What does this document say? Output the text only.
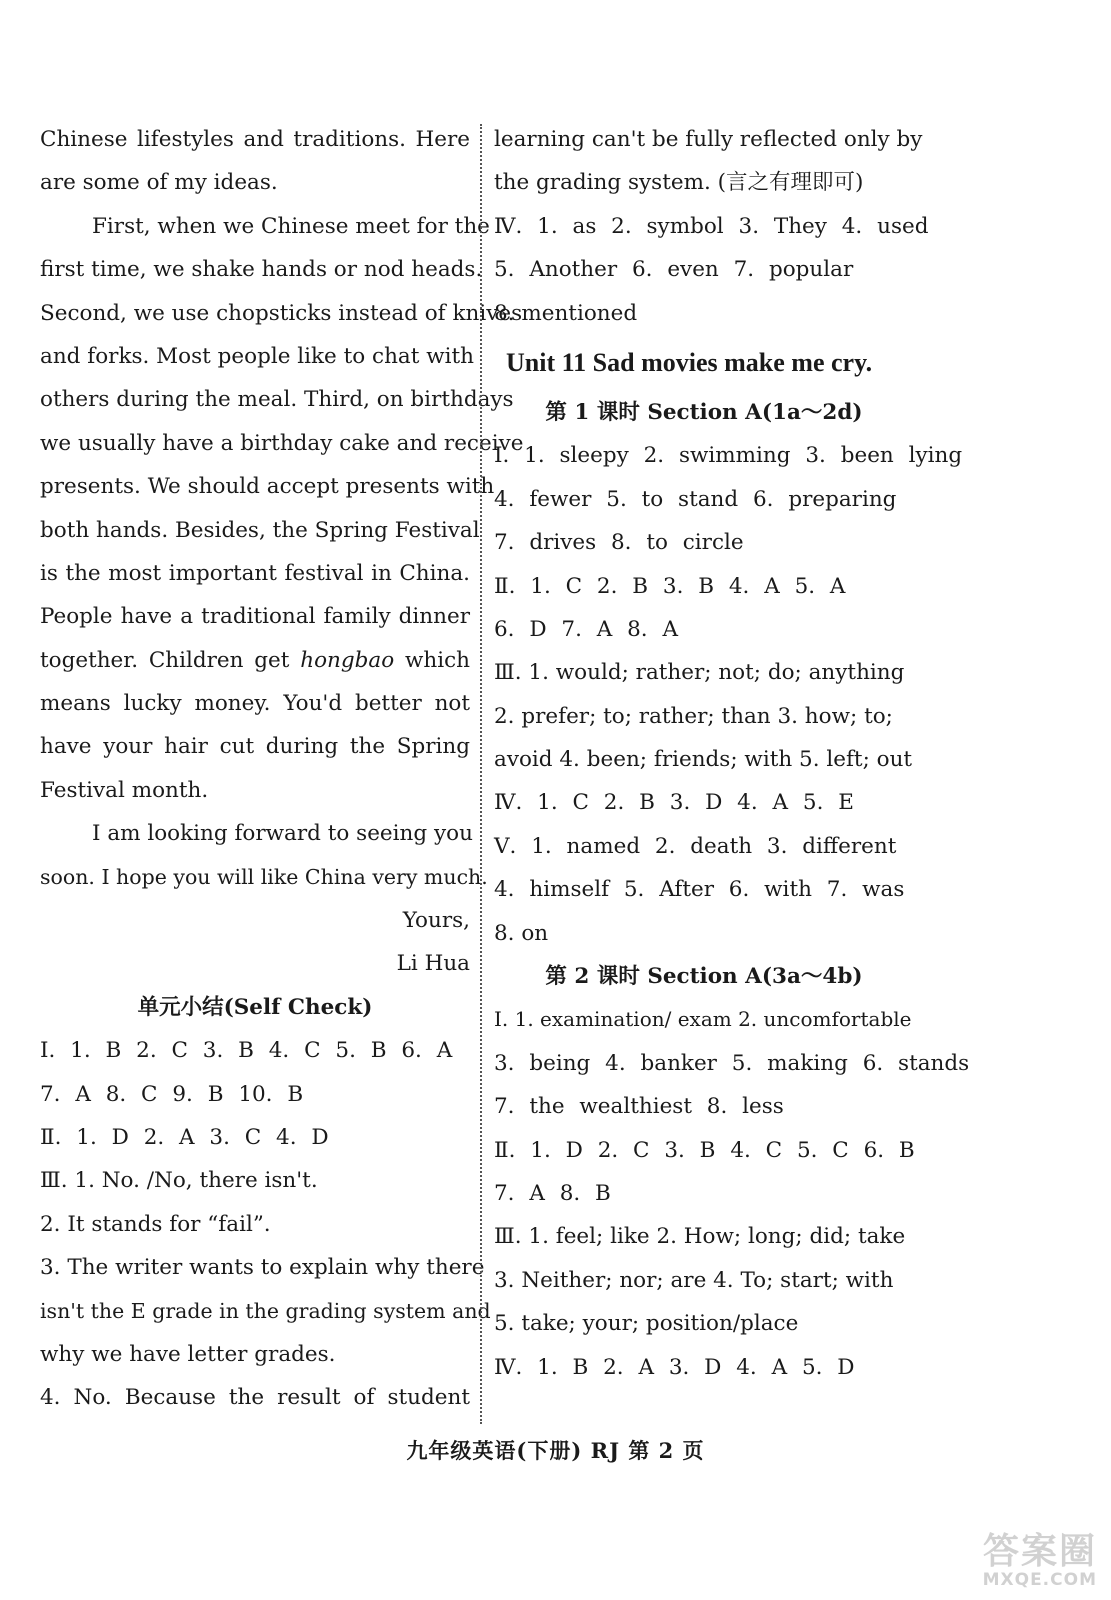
Chinese lifestyles and traditions. Here
are some of my ideas.
First, when we Chinese meet for the
first time, we shake hands or nod heads.
Second, we use chopsticks instead of knives
and forks. Most people like to chat with
others during the meal. Third, on birthdays
we usually have a birthday cake and receive
presents. We should accept presents with
both hands. Besides, the Spring Festival
is the most important festival in China.
People have a traditional family dinner
together. Children get hongbao which
means lucky money. You'd better not
have your hair cut during the Spring
Festival month.
I am looking forward to seeing you
soon. I hope you will like China very much.
Yours,
Li Hua
单元小结(Self Check)
Ⅰ. 1. B 2. C 3. B 4. C 5. B 6. A
7. A 8. C 9. B 10. B
Ⅱ. 1. D 2. A 3. C 4. D
Ⅲ. 1. No. /No, there isn't.
2. It stands for “fail”.
3. The writer wants to explain why there
isn't the E grade in the grading system and
why we have letter grades.
4. No. Because the result of student
learning can't be fully reflected only by
the grading system. (言之有理即可)
Ⅳ. 1. as 2. symbol 3. They 4. used
5. Another 6. even 7. popular
8. mentioned
Unit 11 Sad movies make me cry.
第 1 课时 Section A(1a～2d)
Ⅰ. 1. sleepy 2. swimming 3. been lying
4. fewer 5. to stand 6. preparing
7. drives 8. to circle
Ⅱ. 1. C 2. B 3. B 4. A 5. A
6. D 7. A 8. A
Ⅲ. 1. would; rather; not; do; anything
2. prefer; to; rather; than 3. how; to;
avoid 4. been; friends; with 5. left; out
Ⅳ. 1. C 2. B 3. D 4. A 5. E
Ⅴ. 1. named 2. death 3. different
4. himself 5. After 6. with 7. was
8. on
第 2 课时 Section A(3a～4b)
Ⅰ. 1. examination/ exam 2. uncomfortable
3. being 4. banker 5. making 6. stands
7. the wealthiest 8. less
Ⅱ. 1. D 2. C 3. B 4. C 5. C 6. B
7. A 8. B
Ⅲ. 1. feel; like 2. How; long; did; take
3. Neither; nor; are 4. To; start; with
5. take; your; position/place
Ⅳ. 1. B 2. A 3. D 4. A 5. D
九年级英语(下册) RJ 第 2 页
答案圈
MXQE.COM
